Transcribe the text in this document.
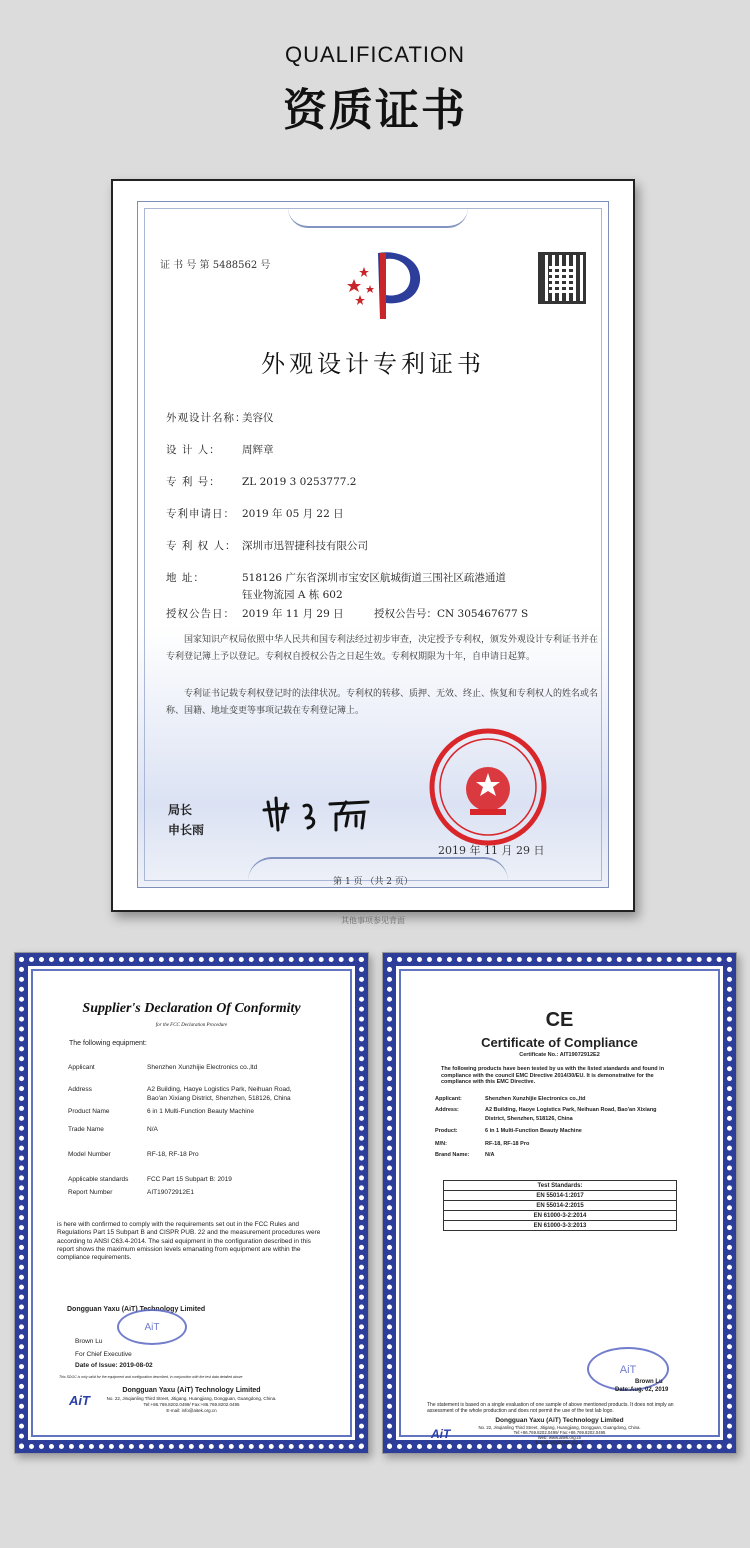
QUALIFICATION
资质证书
证 书 号 第 5488562 号
外观设计专利证书
外观设计名称：美容仪
设 计 人： 周辉章
专 利 号： ZL 2019 3 0253777.2
专利申请日： 2019 年 05 月 22 日
专 利 权 人： 深圳市迅智捷科技有限公司
地 址：	518126 广东省深圳市宝安区航城街道三围社区疏港通道
钰业物流园 A 栋 602
授权公告日： 2019 年 11 月 29 日	授权公告号：CN 305467677 S
国家知识产权局依照中华人民共和国专利法经过初步审查，决定授予专利权，颁发外观设计专利证书并在专利登记簿上予以登记。专利权自授权公告之日起生效。专利权期限为十年，自申请日起算。
专利证书记载专利权登记时的法律状况。专利权的转移、质押、无效、终止、恢复和专利权人的姓名或名称、国籍、地址变更等事项记载在专利登记簿上。
局长
申长雨
2019 年 11 月 29 日
第 1 页 （共 2 页）
其他事项参见背面
Supplier's Declaration Of Conformity
for the FCC Declaration Procedure
The following equipment:
Applicant	Shenzhen Xunzhijie Electronics co.,ltd
Address	A2 Building, Haoye Logistics Park, Neihuan Road,
Bao'an Xixiang District, Shenzhen, 518126, China
Product Name	6 in 1 Multi-Function Beauty Machine
Trade Name	N/A
Model Number	RF-18, RF-18 Pro
Applicable standards	FCC Part 15 Subpart B: 2019
Report Number	AIT19072912E1
is here with confirmed to comply with the requirements set out in the FCC Rules and Regulations Part 15 Subpart B and CISPR PUB. 22 and the measurement procedures were according to ANSI C63.4-2014. The said equipment in the configuration described in this report shows the maximum emission levels emanating from equipment are within the compliance requirements.
Dongguan Yaxu (AiT) Technology Limited
AiT
Brown Lu
For Chief Executive
Date of Issue: 2019-08-02
This SDOC is only valid for the equipment and configuration described, in conjunction with the test data detailed above
AiT
Dongguan Yaxu (AiT) Technology Limited
No. 22, Jinqianling Third Street, Jitigang, Huangjiang, Dongguan, Guangdong, China.
Tel:+86.769.8202.0499/ Fax:+86.769.8202.0495
E-mail: info@aitek.org.cn
CE
Certificate of Compliance
Certificate No.: AIT19072912E2
The following products have been tested by us with the listed standards and found in compliance with the council EMC Directive 2014/30/EU. It is demonstrative for the compliance with this EMC Directive.
Applicant:	Shenzhen Xunzhijie Electronics co.,ltd
Address:	A2 Building, Haoye Logistics Park, Neihuan Road, Bao'an Xixiang
District, Shenzhen, 518126, China
Product:	6 in 1 Multi-Function Beauty Machine
M/N:	RF-18, RF-18 Pro
Brand Name:	N/A
Test Standards:
EN 55014-1:2017
EN 55014-2:2015
EN 61000-3-2:2014
EN 61000-3-3:2013
AiT
Brown Lu
Date:Aug. 02, 2019
The statement is based on a single evaluation of one sample of above mentioned products. It does not imply an assessment of the whole production and does not permit the use of the test lab logo.
AiT
Dongguan Yaxu (AiT) Technology Limited
No. 22, Jinqianling Third Street, Jitigang, Huangjiang, Dongguan, Guangdong, China.
Tel:+86.769.8202.0499/ Fax:+86.769.8202.0495
Web: www.aitek.org.cn
E-mail: info@aitek.org.cn
